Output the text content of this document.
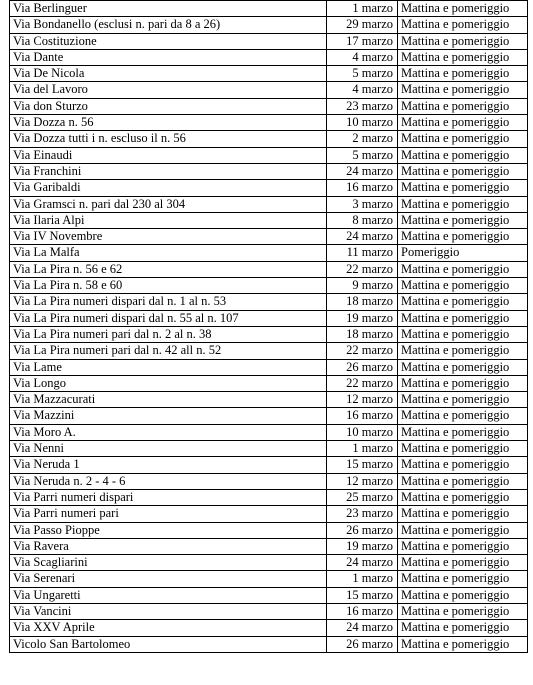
Via Berlinguer	1 marzo	Mattina e pomeriggio
Via Bondanello (esclusi n. pari da 8 a 26)	29 marzo	Mattina e pomeriggio
Via Costituzione	17 marzo	Mattina e pomeriggio
Via Dante	4 marzo	Mattina e pomeriggio
Via De Nicola	5 marzo	Mattina e pomeriggio
Via del Lavoro	4 marzo	Mattina e pomeriggio
Via don Sturzo	23 marzo	Mattina e pomeriggio
Via Dozza n. 56	10 marzo	Mattina e pomeriggio
Via Dozza tutti i n. escluso il n. 56	2 marzo	Mattina e pomeriggio
Via Einaudi	5 marzo	Mattina e pomeriggio
Via Franchini	24 marzo	Mattina e pomeriggio
Via Garibaldi	16 marzo	Mattina e pomeriggio
Via Gramsci n. pari dal 230 al 304	3 marzo	Mattina e pomeriggio
Via Ilaria Alpi	8 marzo	Mattina e pomeriggio
Via IV Novembre	24 marzo	Mattina e pomeriggio
Via La Malfa	11 marzo	Pomeriggio
Via La Pira n. 56 e 62	22 marzo	Mattina e pomeriggio
Via La Pira n. 58 e 60	9 marzo	Mattina e pomeriggio
Via La Pira numeri dispari dal n. 1 al n. 53	18 marzo	Mattina e pomeriggio
Via La Pira numeri dispari dal n. 55 al n. 107	19 marzo	Mattina e pomeriggio
Via La Pira numeri pari dal n. 2 al n. 38	18 marzo	Mattina e pomeriggio
Via La Pira numeri pari dal n. 42 all n. 52	22 marzo	Mattina e pomeriggio
Via Lame	26 marzo	Mattina e pomeriggio
Via Longo	22 marzo	Mattina e pomeriggio
Via Mazzacurati	12 marzo	Mattina e pomeriggio
Via Mazzini	16 marzo	Mattina e pomeriggio
Via Moro A.	10 marzo	Mattina e pomeriggio
Via Nenni	1 marzo	Mattina e pomeriggio
Via Neruda 1	15 marzo	Mattina e pomeriggio
Via Neruda n. 2 - 4 - 6	12 marzo	Mattina e pomeriggio
Via Parri numeri dispari	25 marzo	Mattina e pomeriggio
Via Parri numeri pari	23 marzo	Mattina e pomeriggio
Via Passo Pioppe	26 marzo	Mattina e pomeriggio
Via Ravera	19 marzo	Mattina e pomeriggio
Via Scagliarini	24 marzo	Mattina e pomeriggio
Via Serenari	1 marzo	Mattina e pomeriggio
Via Ungaretti	15 marzo	Mattina e pomeriggio
Via Vancini	16 marzo	Mattina e pomeriggio
Via XXV Aprile	24 marzo	Mattina e pomeriggio
Vicolo San Bartolomeo	26 marzo	Mattina e pomeriggio
